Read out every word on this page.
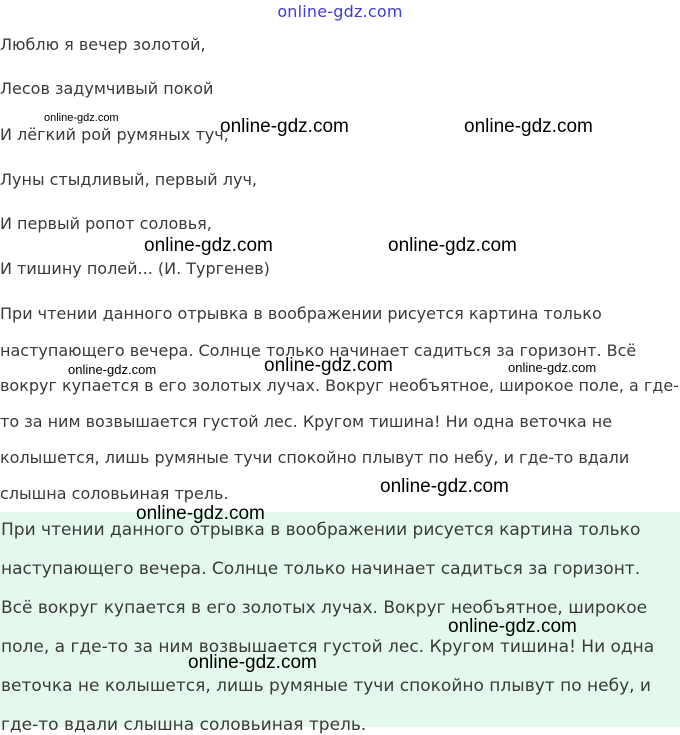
online-gdz.com
Люблю я вечер золотой,
Лесов задумчивый покой
И лёгкий рой румяных туч,
Луны стыдливый, первый луч,
И первый ропот соловья,
И тишину полей... (И. Тургенев)
При чтении данного отрывка в воображении рисуется картина только
наступающего вечера. Солнце только начинает садиться за горизонт. Всё
вокруг купается в его золотых лучах. Вокруг необъятное, широкое поле, а где-
то за ним возвышается густой лес. Кругом тишина! Ни одна веточка не
колышется, лишь румяные тучи спокойно плывут по небу, и где-то вдали
слышна соловьиная трель.
При чтении данного отрывка в воображении рисуется картина только
наступающего вечера. Солнце только начинает садиться за горизонт.
Всё вокруг купается в его золотых лучах. Вокруг необъятное, широкое
поле, а где-то за ним возвышается густой лес. Кругом тишина! Ни одна
веточка не колышется, лишь румяные тучи спокойно плывут по небу, и
где-то вдали слышна соловьиная трель.
online-gdz.com	online-gdz.com	online-gdz.com
online-gdz.com	online-gdz.com
online-gdz.com	online-gdz.com	online-gdz.com
online-gdz.com
online-gdz.com
online-gdz.com
online-gdz.com
